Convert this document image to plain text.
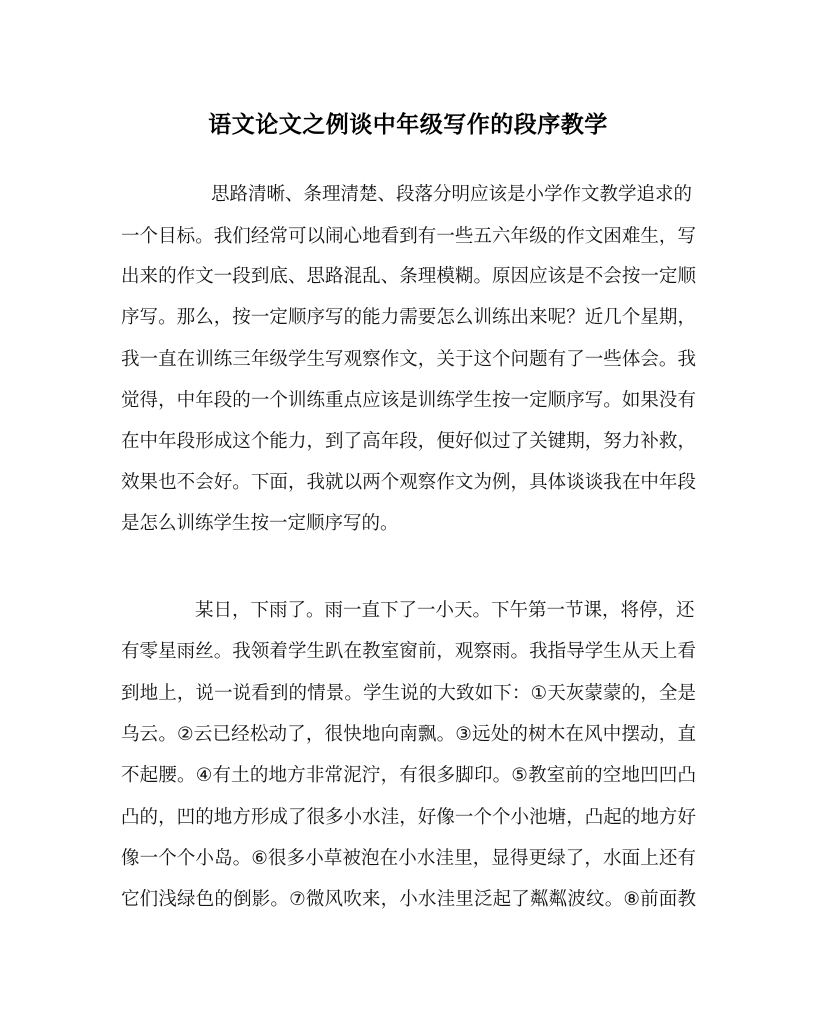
语文论文之例谈中年级写作的段序教学
思路清晰、条理清楚、段落分明应该是小学作文教学追求的
一个目标。我们经常可以闹心地看到有一些五六年级的作文困难生，写
出来的作文一段到底、思路混乱、条理模糊。原因应该是不会按一定顺
序写。那么，按一定顺序写的能力需要怎么训练出来呢？近几个星期，
我一直在训练三年级学生写观察作文，关于这个问题有了一些体会。我
觉得，中年段的一个训练重点应该是训练学生按一定顺序写。如果没有
在中年段形成这个能力，到了高年段，便好似过了关键期，努力补救，
效果也不会好。下面，我就以两个观察作文为例，具体谈谈我在中年段
是怎么训练学生按一定顺序写的。
某日，下雨了。雨一直下了一小天。下午第一节课，将停，还
有零星雨丝。我领着学生趴在教室窗前，观察雨。我指导学生从天上看
到地上，说一说看到的情景。学生说的大致如下：①天灰蒙蒙的，全是
乌云。②云已经松动了，很快地向南飘。③远处的树木在风中摆动，直
不起腰。④有土的地方非常泥泞，有很多脚印。⑤教室前的空地凹凹凸
凸的，凹的地方形成了很多小水洼，好像一个个小池塘，凸起的地方好
像一个个小岛。⑥很多小草被泡在小水洼里，显得更绿了，水面上还有
它们浅绿色的倒影。⑦微风吹来，小水洼里泛起了粼粼波纹。⑧前面教
